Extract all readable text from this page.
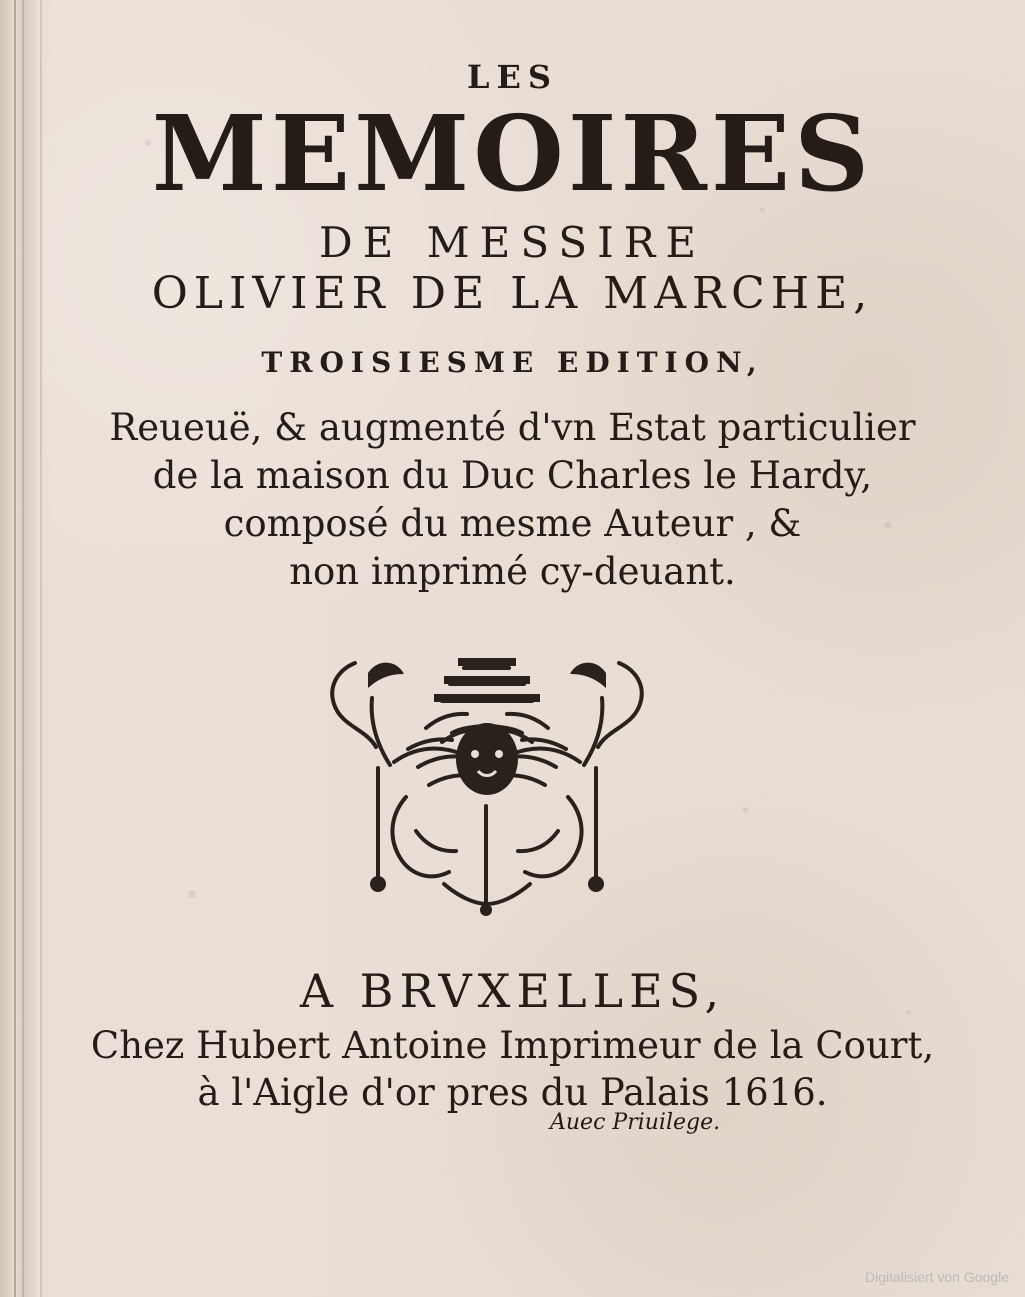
LES

MEMOIRES

DE MESSIRE

OLIVIER DE LA MARCHE,

TROISIESME EDITION,

Reueuë, & augmenté d'vn Estat particulier
de la maison du Duc Charles le Hardy,
composé du mesme Auteur , &
non imprimé cy-deuant.

A BRVXELLES,

Chez Hubert Antoine Imprimeur de la Court,
à l'Aigle d'or pres du Palais 1616.
Auec Priuilege.
Digitalisiert von Google
